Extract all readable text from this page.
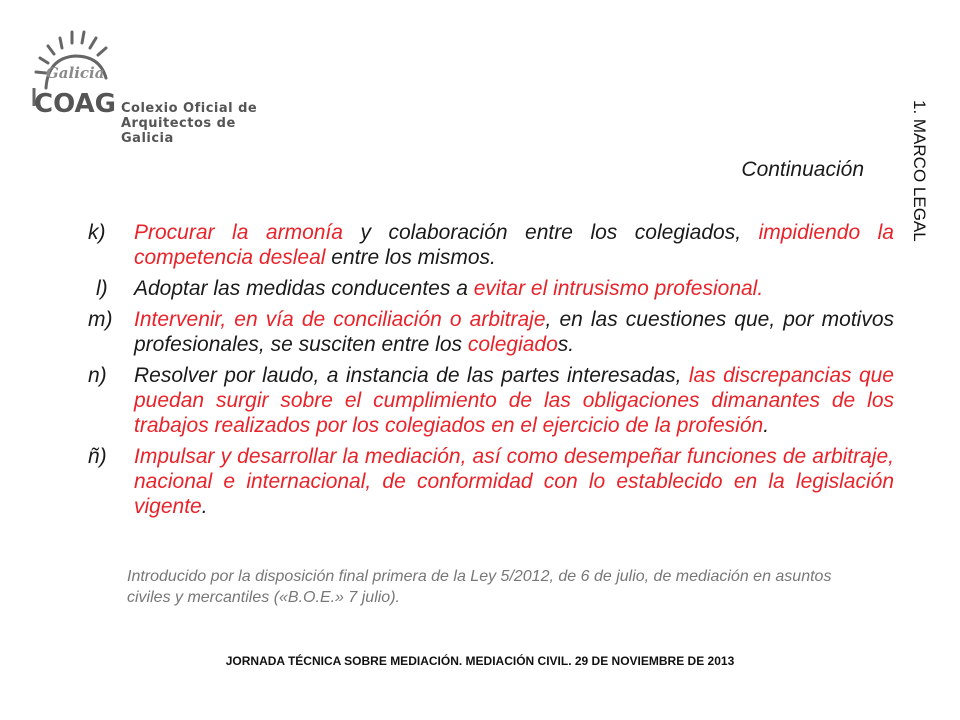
Galicia
COAG Colexio Oficial de
Arquitectos de Galicia	1. MARCO LEGAL
Continuación
k) Procurar la armonía y colaboración entre los colegiados, impidiendo la competencia desleal entre los mismos.
l) Adoptar las medidas conducentes a evitar el intrusismo profesional.
m) Intervenir, en vía de conciliación o arbitraje, en las cuestiones que, por motivos profesionales, se susciten entre los colegiados.
n) Resolver por laudo, a instancia de las partes interesadas, las discrepancias que puedan surgir sobre el cumplimiento de las obligaciones dimanantes de los trabajos realizados por los colegiados en el ejercicio de la profesión.
ñ) Impulsar y desarrollar la mediación, así como desempeñar funciones de arbitraje, nacional e internacional, de conformidad con lo establecido en la legislación vigente.
Introducido por la disposición final primera de la Ley 5/2012, de 6 de julio, de mediación en asuntos civiles y mercantiles («B.O.E.» 7 julio).
JORNADA TÉCNICA SOBRE MEDIACIÓN. MEDIACIÓN CIVIL. 29 DE NOVIEMBRE DE 2013
